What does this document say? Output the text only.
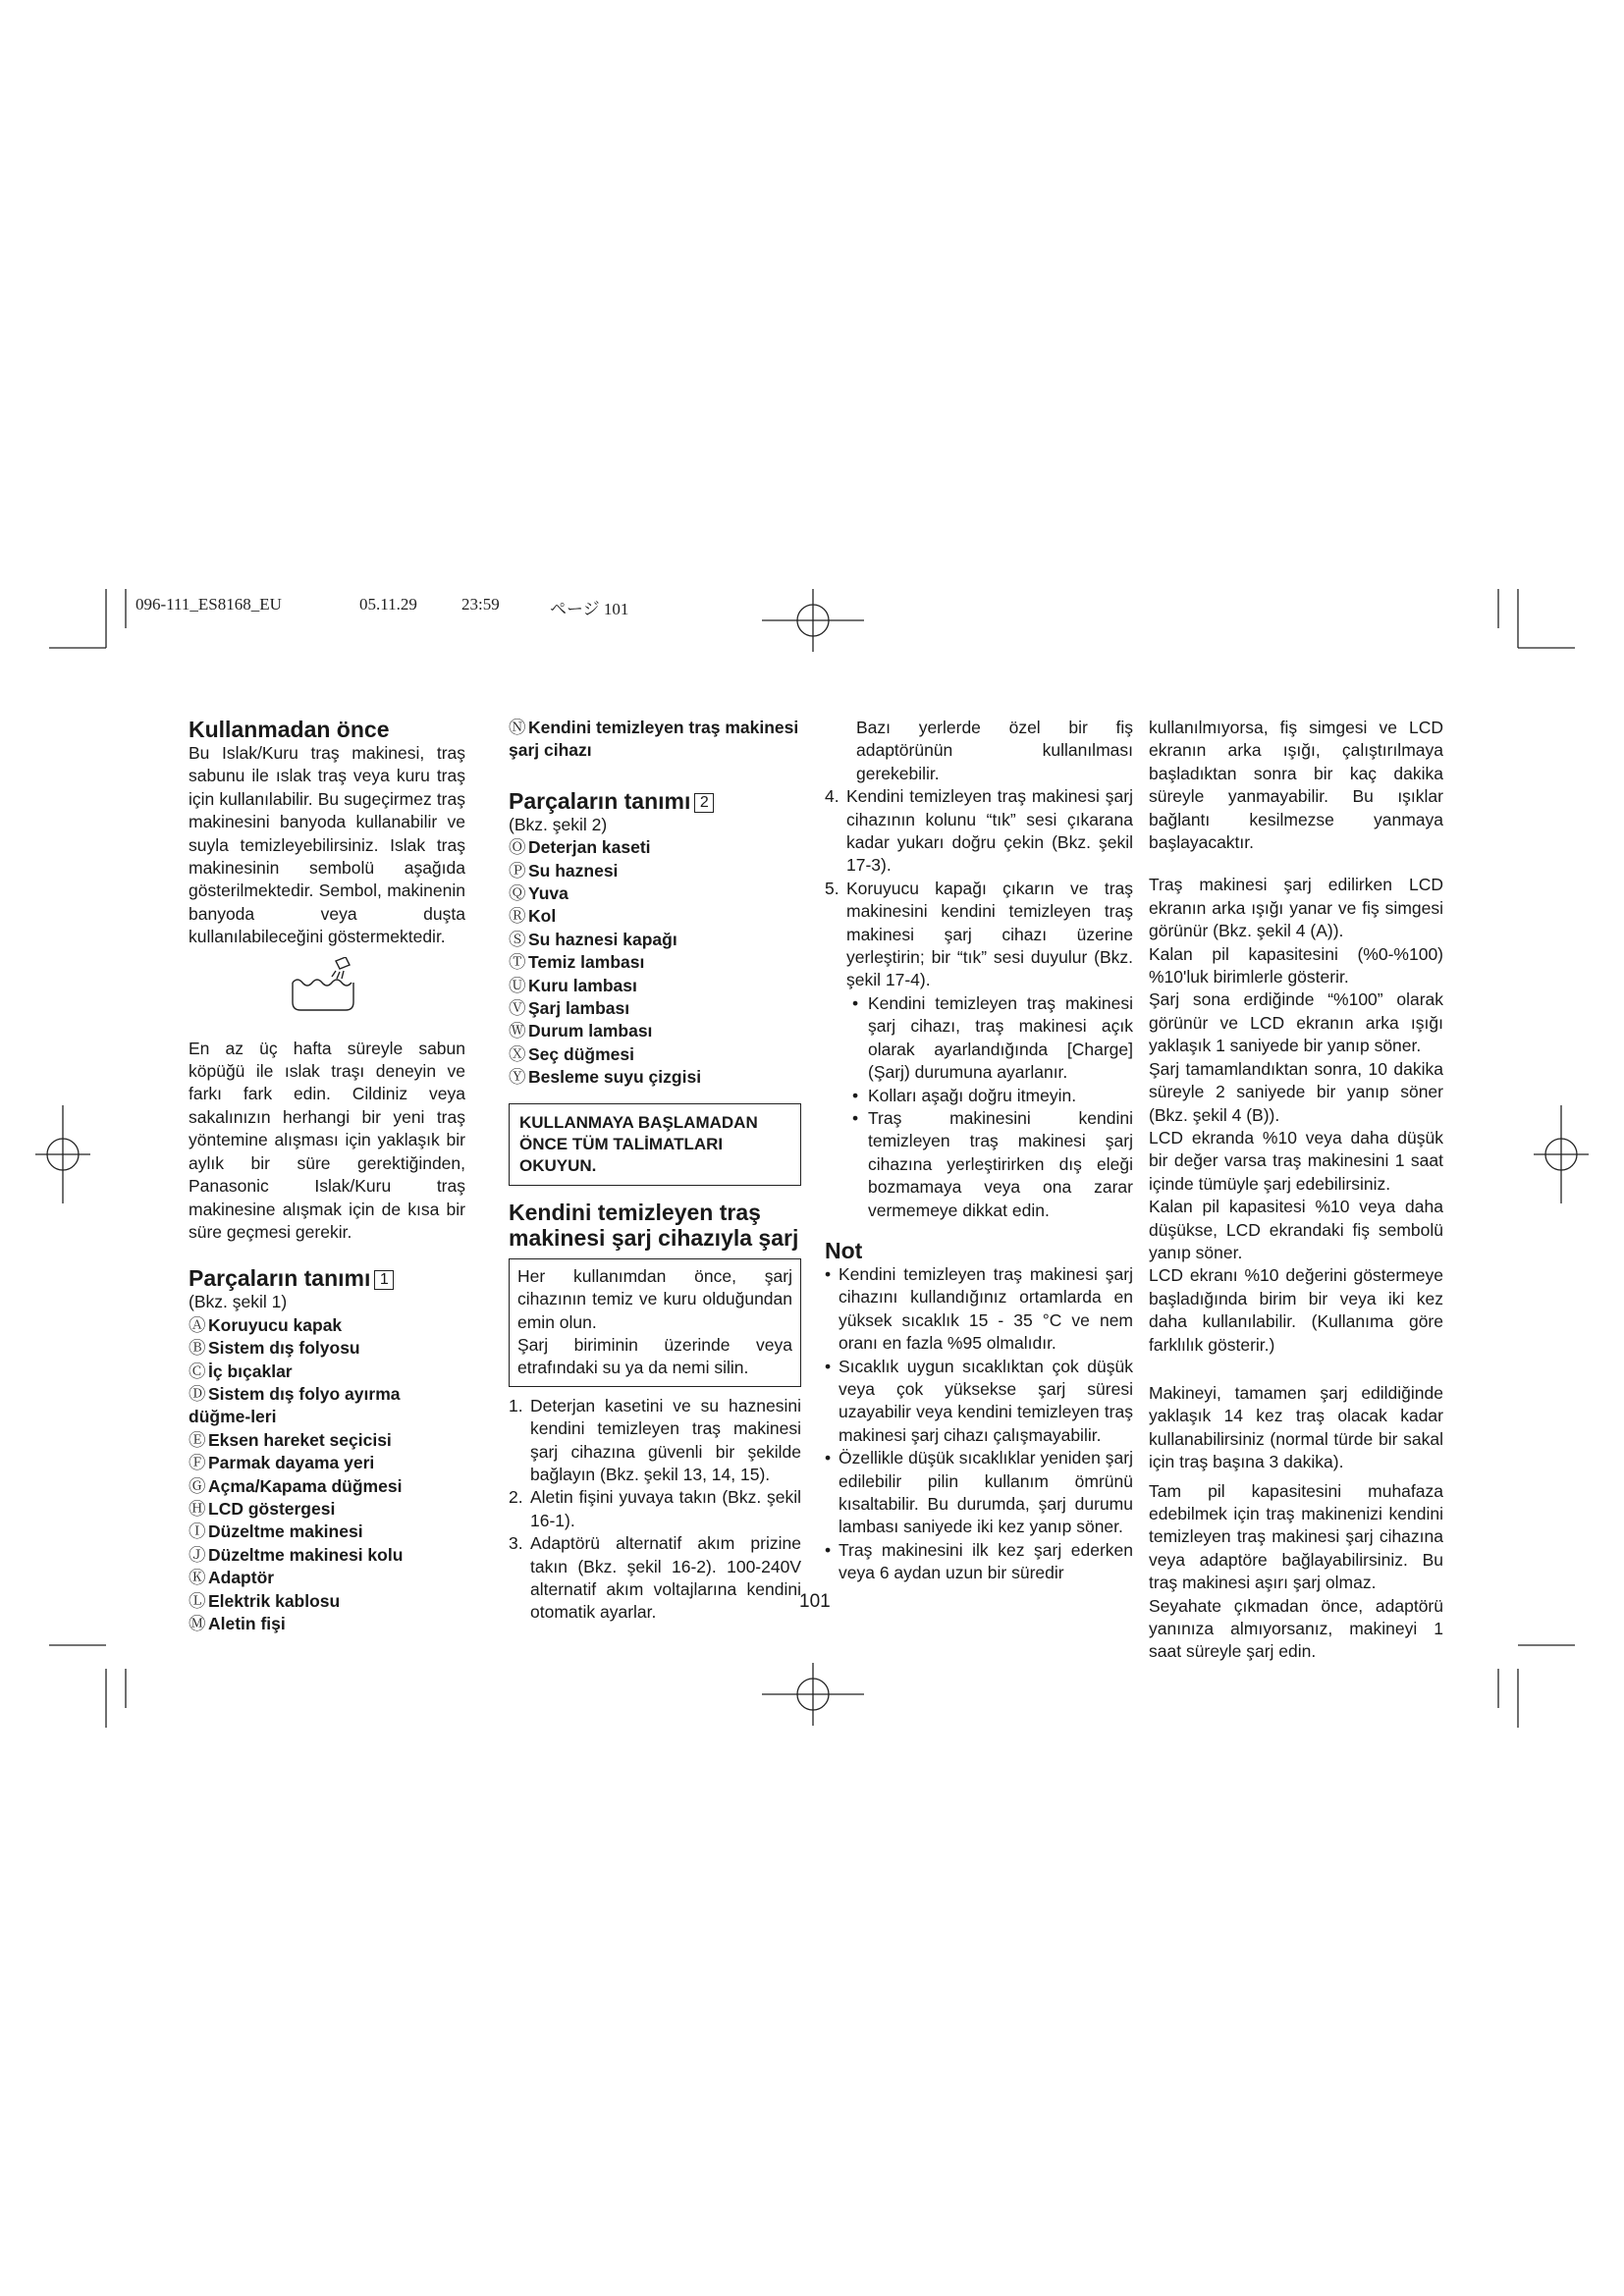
096-111_ES8168_EU	05.11.29	23:59	ページ 101
Kullanmadan önce

Bu Islak/Kuru traş makinesi, traş sabunu ile ıslak traş veya kuru traş için kullanılabilir. Bu sugeçirmez traş makinesini banyoda kullanabilir ve suyla temizleyebilirsiniz. Islak traş makinesinin sembolü aşağıda gösterilmektedir. Sembol, makinenin banyoda veya duşta kullanılabileceğini göstermektedir.

En az üç hafta süreyle sabun köpüğü ile ıslak traşı deneyin ve farkı fark edin. Cildiniz veya sakalınızın herhangi bir yeni traş yöntemine alışması için yaklaşık bir aylık bir süre gerektiğinden, Panasonic Islak/Kuru traş makinesine alışmak için de kısa bir süre geçmesi gerekir.

Parçaların tanımı 1

(Bkz. şekil 1)

Ⓐ Koruyucu kapak
Ⓑ Sistem dış folyosu
Ⓒ İç bıçaklar
Ⓓ Sistem dış folyo ayırma düğme-leri
Ⓔ Eksen hareket seçicisi
Ⓕ Parmak dayama yeri
Ⓖ Açma/Kapama düğmesi
Ⓗ LCD göstergesi
Ⓘ Düzeltme makinesi
Ⓙ Düzeltme makinesi kolu
Ⓚ Adaptör
Ⓛ Elektrik kablosu
Ⓜ Aletin fişi
Ⓝ Kendini temizleyen traş makinesi şarj cihazı
Parçaların tanımı 2

(Bkz. şekil 2)

Ⓞ Deterjan kaseti
Ⓟ Su haznesi
Ⓠ Yuva
Ⓡ Kol
Ⓢ Su haznesi kapağı
Ⓣ Temiz lambası
Ⓤ Kuru lambası
Ⓥ Şarj lambası
Ⓦ Durum lambası
Ⓧ Seç düğmesi
Ⓨ Besleme suyu çizgisi
KULLANMAYA BAŞLAMADAN ÖNCE TÜM TALİMATLARI OKUYUN.
Kendini temizleyen traş makinesi şarj cihazıyla şarj

Her kullanımdan önce, şarj cihazının temiz ve kuru olduğundan emin olun.

Şarj biriminin üzerinde veya etrafındaki su ya da nemi silin.

1. Deterjan kasetini ve su haznesini kendini temizleyen traş makinesi şarj cihazına güvenli bir şekilde bağlayın (Bkz. şekil 13, 14, 15).
2. Aletin fişini yuvaya takın (Bkz. şekil 16-1).
3. Adaptörü alternatif akım prizine takın (Bkz. şekil 16-2). 100-240V alternatif akım voltajlarına kendini otomatik ayarlar.

Bazı yerlerde özel bir fiş adaptörünün kullanılması gerekebilir.

4. Kendini temizleyen traş makinesi şarj cihazının kolunu “tık” sesi çıkarana kadar yukarı doğru çekin (Bkz. şekil 17-3).
5. Koruyucu kapağı çıkarın ve traş makinesini kendini temizleyen traş makinesi şarj cihazı üzerine yerleştirin; bir “tık” sesi duyulur (Bkz. şekil 17-4).
• Kendini temizleyen traş makinesi şarj cihazı, traş makinesi açık olarak ayarlandığında [Charge] (Şarj) durumuna ayarlanır.
• Kolları aşağı doğru itmeyin.
• Traş makinesini kendini temizleyen traş makinesi şarj cihazına yerleştirirken dış eleği bozmamaya veya ona zarar vermemeye dikkat edin.
Not
• Kendini temizleyen traş makinesi şarj cihazını kullandığınız ortamlarda en yüksek sıcaklık 15 - 35 °C ve nem oranı en fazla %95 olmalıdır.
• Sıcaklık uygun sıcaklıktan çok düşük veya çok yüksekse şarj süresi uzayabilir veya kendini temizleyen traş makinesi şarj cihazı çalışmayabilir.
• Özellikle düşük sıcaklıklar yeniden şarj edilebilir pilin kullanım ömrünü kısaltabilir. Bu durumda, şarj durumu lambası saniyede iki kez yanıp söner.
• Traş makinesini ilk kez şarj ederken veya 6 aydan uzun bir süredir

kullanılmıyorsa, fiş simgesi ve LCD ekranın arka ışığı, çalıştırılmaya başladıktan sonra bir kaç dakika süreyle yanmayabilir. Bu ışıklar bağlantı kesilmezse yanmaya başlayacaktır.

Traş makinesi şarj edilirken LCD ekranın arka ışığı yanar ve fiş simgesi görünür (Bkz. şekil 4 (A)).

Kalan pil kapasitesini (%0-%100) %10'luk birimlerle gösterir.

Şarj sona erdiğinde “%100” olarak görünür ve LCD ekranın arka ışığı yaklaşık 1 saniyede bir yanıp söner.

Şarj tamamlandıktan sonra, 10 dakika süreyle 2 saniyede bir yanıp söner (Bkz. şekil 4 (B)).

LCD ekranda %10 veya daha düşük bir değer varsa traş makinesini 1 saat içinde tümüyle şarj edebilirsiniz.

Kalan pil kapasitesi %10 veya daha düşükse, LCD ekrandaki fiş sembolü yanıp söner.

LCD ekranı %10 değerini göstermeye başladığında birim bir veya iki kez daha kullanılabilir. (Kullanıma göre farklılık gösterir.)

Makineyi, tamamen şarj edildiğinde yaklaşık 14 kez traş olacak kadar kullanabilirsiniz (normal türde bir sakal için traş başına 3 dakika).

Tam pil kapasitesini muhafaza edebilmek için traş makinenizi kendini temizleyen traş makinesi şarj cihazına veya adaptöre bağlayabilirsiniz. Bu traş makinesi aşırı şarj olmaz.

Seyahate çıkmadan önce, adaptörü yanınıza almıyorsanız, makineyi 1 saat süreyle şarj edin.

101
